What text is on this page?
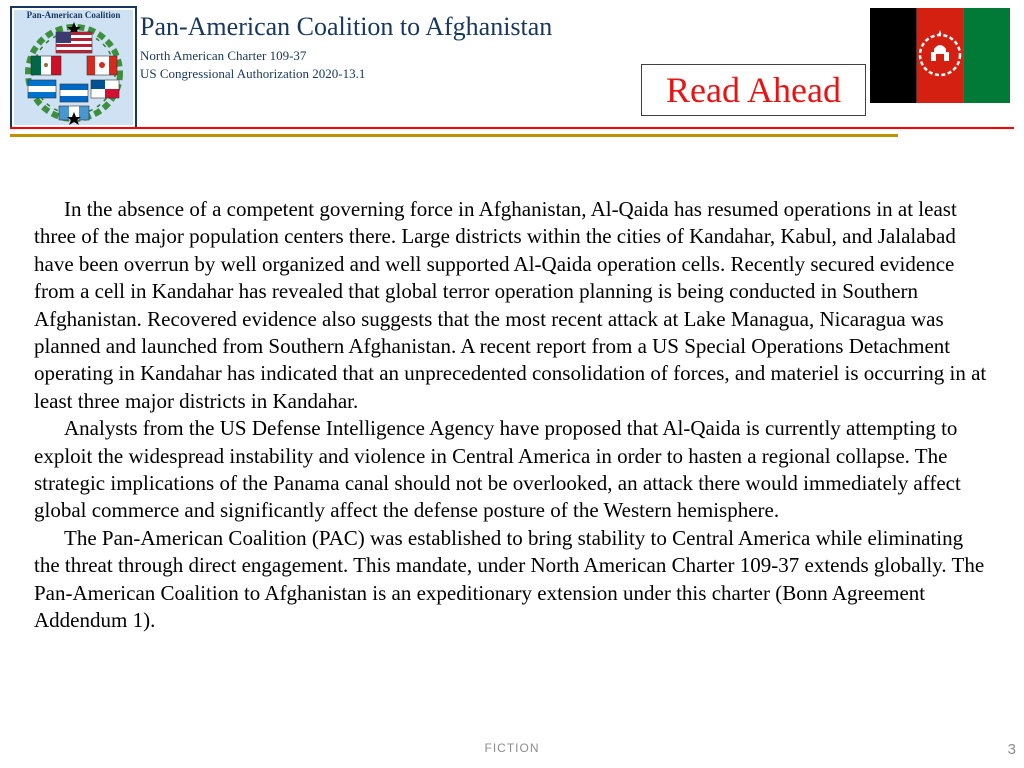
Pan-American Coalition Pan-American Coalition to Afghanistan
North American Charter 109-37
US Congressional Authorization 2020-13.1	Read Ahead

In the absence of a competent governing force in Afghanistan, Al-Qaida has resumed operations in at least three of the major population centers there. Large districts within the cities of Kandahar, Kabul, and Jalalabad have been overrun by well organized and well supported Al-Qaida operation cells. Recently secured evidence from a cell in Kandahar has revealed that global terror operation planning is being conducted in Southern Afghanistan. Recovered evidence also suggests that the most recent attack at Lake Managua, Nicaragua was planned and launched from Southern Afghanistan. A recent report from a US Special Operations Detachment operating in Kandahar has indicated that an unprecedented consolidation of forces, and materiel is occurring in at least three major districts in Kandahar.

Analysts from the US Defense Intelligence Agency have proposed that Al-Qaida is currently attempting to exploit the widespread instability and violence in Central America in order to hasten a regional collapse. The strategic implications of the Panama canal should not be overlooked, an attack there would immediately affect global commerce and significantly affect the defense posture of the Western hemisphere.

The Pan-American Coalition (PAC) was established to bring stability to Central America while eliminating the threat through direct engagement. This mandate, under North American Charter 109-37 extends globally. The Pan-American Coalition to Afghanistan is an expeditionary extension under this charter (Bonn Agreement Addendum 1).

FICTION	3
